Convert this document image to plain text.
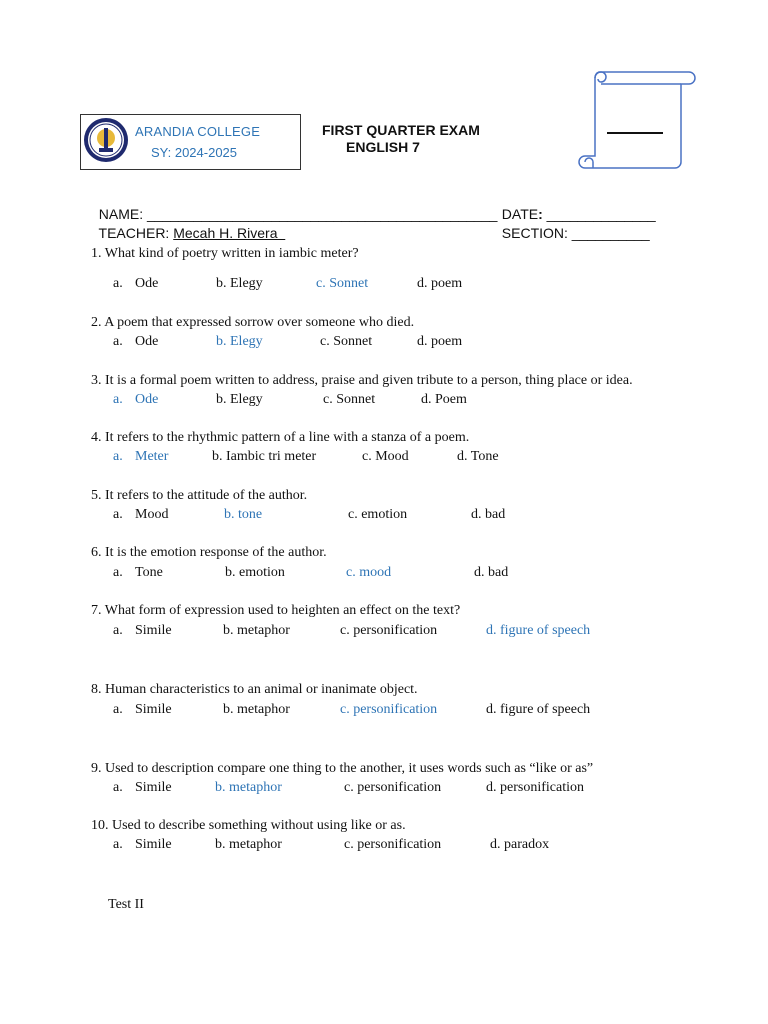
ARANDIA COLLEGE
SY: 2024-2025
FIRST QUARTER EXAM
ENGLISH 7

NAME: _____________________________________________

TEACHER: Mecah H. Rivera

DATE: ______________

SECTION: __________

1. What kind of poetry written in iambic meter?
a. Ode	b. Elegy	c. Sonnet	d. poem
2. A poem that expressed sorrow over someone who died.
a. Ode	b. Elegy	c. Sonnet	d. poem
3. It is a formal poem written to address, praise and given tribute to a person, thing place or idea.
a. Ode	b. Elegy	c. Sonnet	d. Poem
4. It refers to the rhythmic pattern of a line with a stanza of a poem.
a. Meter	b. Iambic tri meter	c. Mood	d. Tone
5. It refers to the attitude of the author.
a. Mood	b. tone	c. emotion	d. bad
6. It is the emotion response of the author.
a. Tone	b. emotion	c. mood	d. bad
7. What form of expression used to heighten an effect on the text?
a. Simile	b. metaphor	c. personification	d. figure of speech
8. Human characteristics to an animal or inanimate object.
a. Simile	b. metaphor	c. personification	d. figure of speech
9. Used to description compare one thing to the another, it uses words such as “like or as”
a. Simile	b. metaphor	c. personification	d. personification
10. Used to describe something without using like or as.
a. Simile	b. metaphor	c. personification	d. paradox
Test II
